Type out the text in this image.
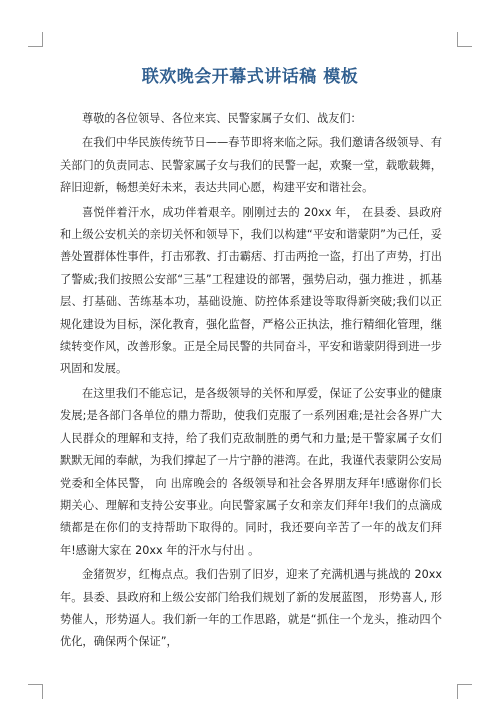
联欢晚会开幕式讲话稿 模板

尊敬的各位领导、各位来宾、民警家属子女们、战友们：

在我们中华民族传统节日——春节即将来临之际。我们邀请各级领导、有关部门的负责同志、民警家属子女与我们的民警一起，欢聚一堂，载歌载舞，辞旧迎新，畅想美好未来，表达共同心愿，构建平安和谐社会。

喜悦伴着汗水，成功伴着艰辛。刚刚过去的 20xx 年， 在县委、县政府和上级公安机关的亲切关怀和领导下，我们以构建“平安和谐蒙阴”为己任，妥善处置群体性事件，打击邪教、打击霸痞、打击两抢一盗，打出了声势，打出了警威;我们按照公安部“三基”工程建设的部署，强势启动，强力推进 ，抓基层、打基础、苦练基本功，基础设施、防控体系建设等取得新突破;我们以正规化建设为目标，深化教育，强化监督，严格公正执法，推行精细化管理，继续转变作风，改善形象。正是全局民警的共同奋斗，平安和谐蒙阴得到进一步巩固和发展。

在这里我们不能忘记，是各级领导的关怀和厚爱，保证了公安事业的健康发展;是各部门各单位的鼎力帮助，使我们克服了一系列困难;是社会各界广大人民群众的理解和支持，给了我们克敌制胜的勇气和力量;是干警家属子女们默默无闻的奉献，为我们撑起了一片宁静的港湾。在此，我谨代表蒙阴公安局党委和全体民警， 向 出席晚会的 各级领导和社会各界朋友拜年!感谢你们长期关心、理解和支持公安事业。向民警家属子女和亲友们拜年!我们的点滴成绩都是在你们的支持帮助下取得的。同时，我还要向辛苦了一年的战友们拜年!感谢大家在 20xx 年的汗水与付出 。

金猪贺岁，红梅点点。我们告别了旧岁，迎来了充满机遇与挑战的 20xx 年。县委、县政府和上级公安部门给我们规划了新的发展蓝图， 形势喜人, 形势催人，形势逼人。我们新一年的工作思路，就是“抓住一个龙头，推动四个优化，确保两个保证”，
